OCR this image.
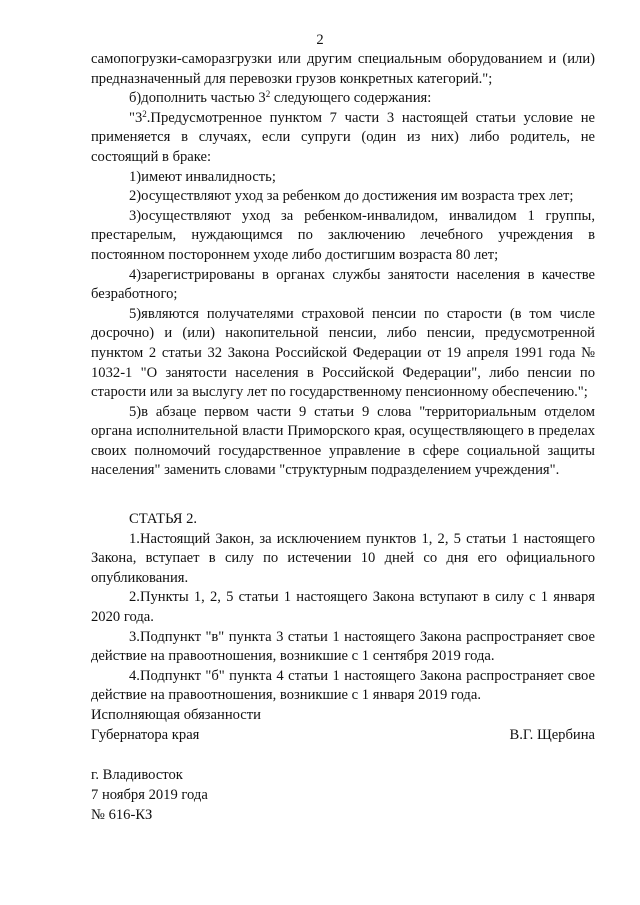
2

самопогрузки-саморазгрузки или другим специальным оборудованием и (или) предназначенный для перевозки грузов конкретных категорий.";

б)дополнить частью $3^2$ следующего содержания:

"$3^2.Предусмотренное$ пунктом 7 части 3 настоящей статьи условие не применяется в случаях, если супруги (один из них) либо родитель, не состоящий в браке:

1)имеют инвалидность;

2)осуществляют уход за ребенком до достижения им возраста трех лет;

3)осуществляют уход за ребенком-инвалидом, инвалидом 1 группы, престарелым, нуждающимся по заключению лечебного учреждения в постоянном постороннем уходе либо достигшим возраста 80 лет;

4)зарегистрированы в органах службы занятости населения в качестве безработного;

5)являются получателями страховой пенсии по старости (в том числе досрочно) и (или) накопительной пенсии, либо пенсии, предусмотренной пунктом 2 статьи 32 Закона Российской Федерации от 19 апреля 1991 года № 1032-1 "О занятости населения в Российской Федерации", либо пенсии по старости или за выслугу лет по государственному пенсионному обеспечению.";

5)в абзаце первом части 9 статьи 9 слова "территориальным отделом органа исполнительной власти Приморского края, осуществляющего в пределах своих полномочий государственное управление в сфере социальной защиты населения" заменить словами "структурным подразделением учреждения".

СТАТЬЯ 2.

1.Настоящий Закон, за исключением пунктов 1, 2, 5 статьи 1 настоящего Закона, вступает в силу по истечении 10 дней со дня его официального опубликования.

2.Пункты 1, 2, 5 статьи 1 настоящего Закона вступают в силу с 1 января 2020 года.

3.Подпункт "в" пункта 3 статьи 1 настоящего Закона распространяет свое действие на правоотношения, возникшие с 1 сентября 2019 года.

4.Подпункт "б" пункта 4 статьи 1 настоящего Закона распространяет свое действие на правоотношения, возникшие с 1 января 2019 года.

Исполняющая обязанности
Губернатора края	В.Г. Щербина
г. Владивосток
7 ноября 2019 года
№ 616-КЗ
